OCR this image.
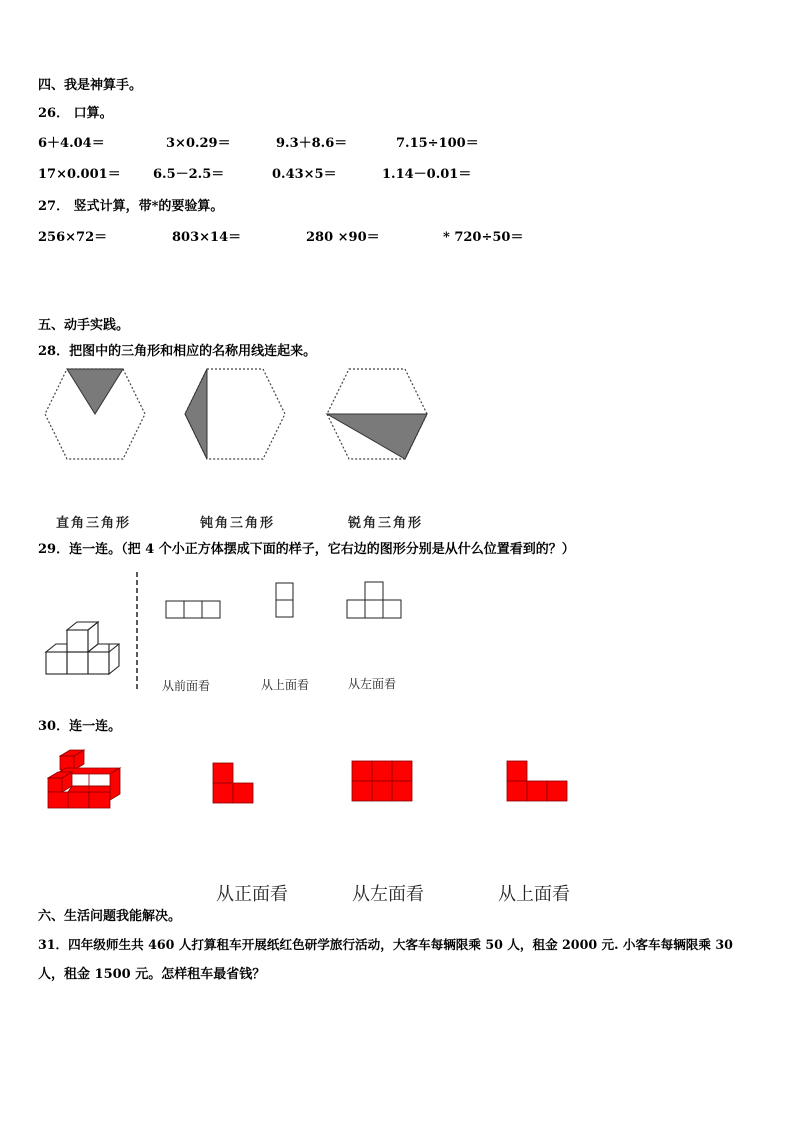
四、我是神算手。
26． 口算。
6＋4.04＝	3×0.29＝	9.3＋8.6＝	7.15÷100＝
17×0.001＝ 6.5－2.5＝	0.43×5＝	1.14－0.01＝
27． 竖式计算，带*的要验算。
256×72＝	803×14＝	280 ×90＝	* 720÷50＝
五、动手实践。
28．把图中的三角形和相应的名称用线连起来。
直角三角形	钝角三角形	锐角三角形
29．连一连。（把 4 个小正方体摆成下面的样子，它右边的图形分别是从什么位置看到的？）
从前面看	从上面看	从左面看
30．连一连。
从正面看	从左面看	从上面看
六、生活问题我能解决。
31．四年级师生共 460 人打算租车开展纸红色研学旅行活动，大客车每辆限乘 50 人，租金 2000 元. 小客车每辆限乘 30
人，租金 1500 元。怎样租车最省钱？
